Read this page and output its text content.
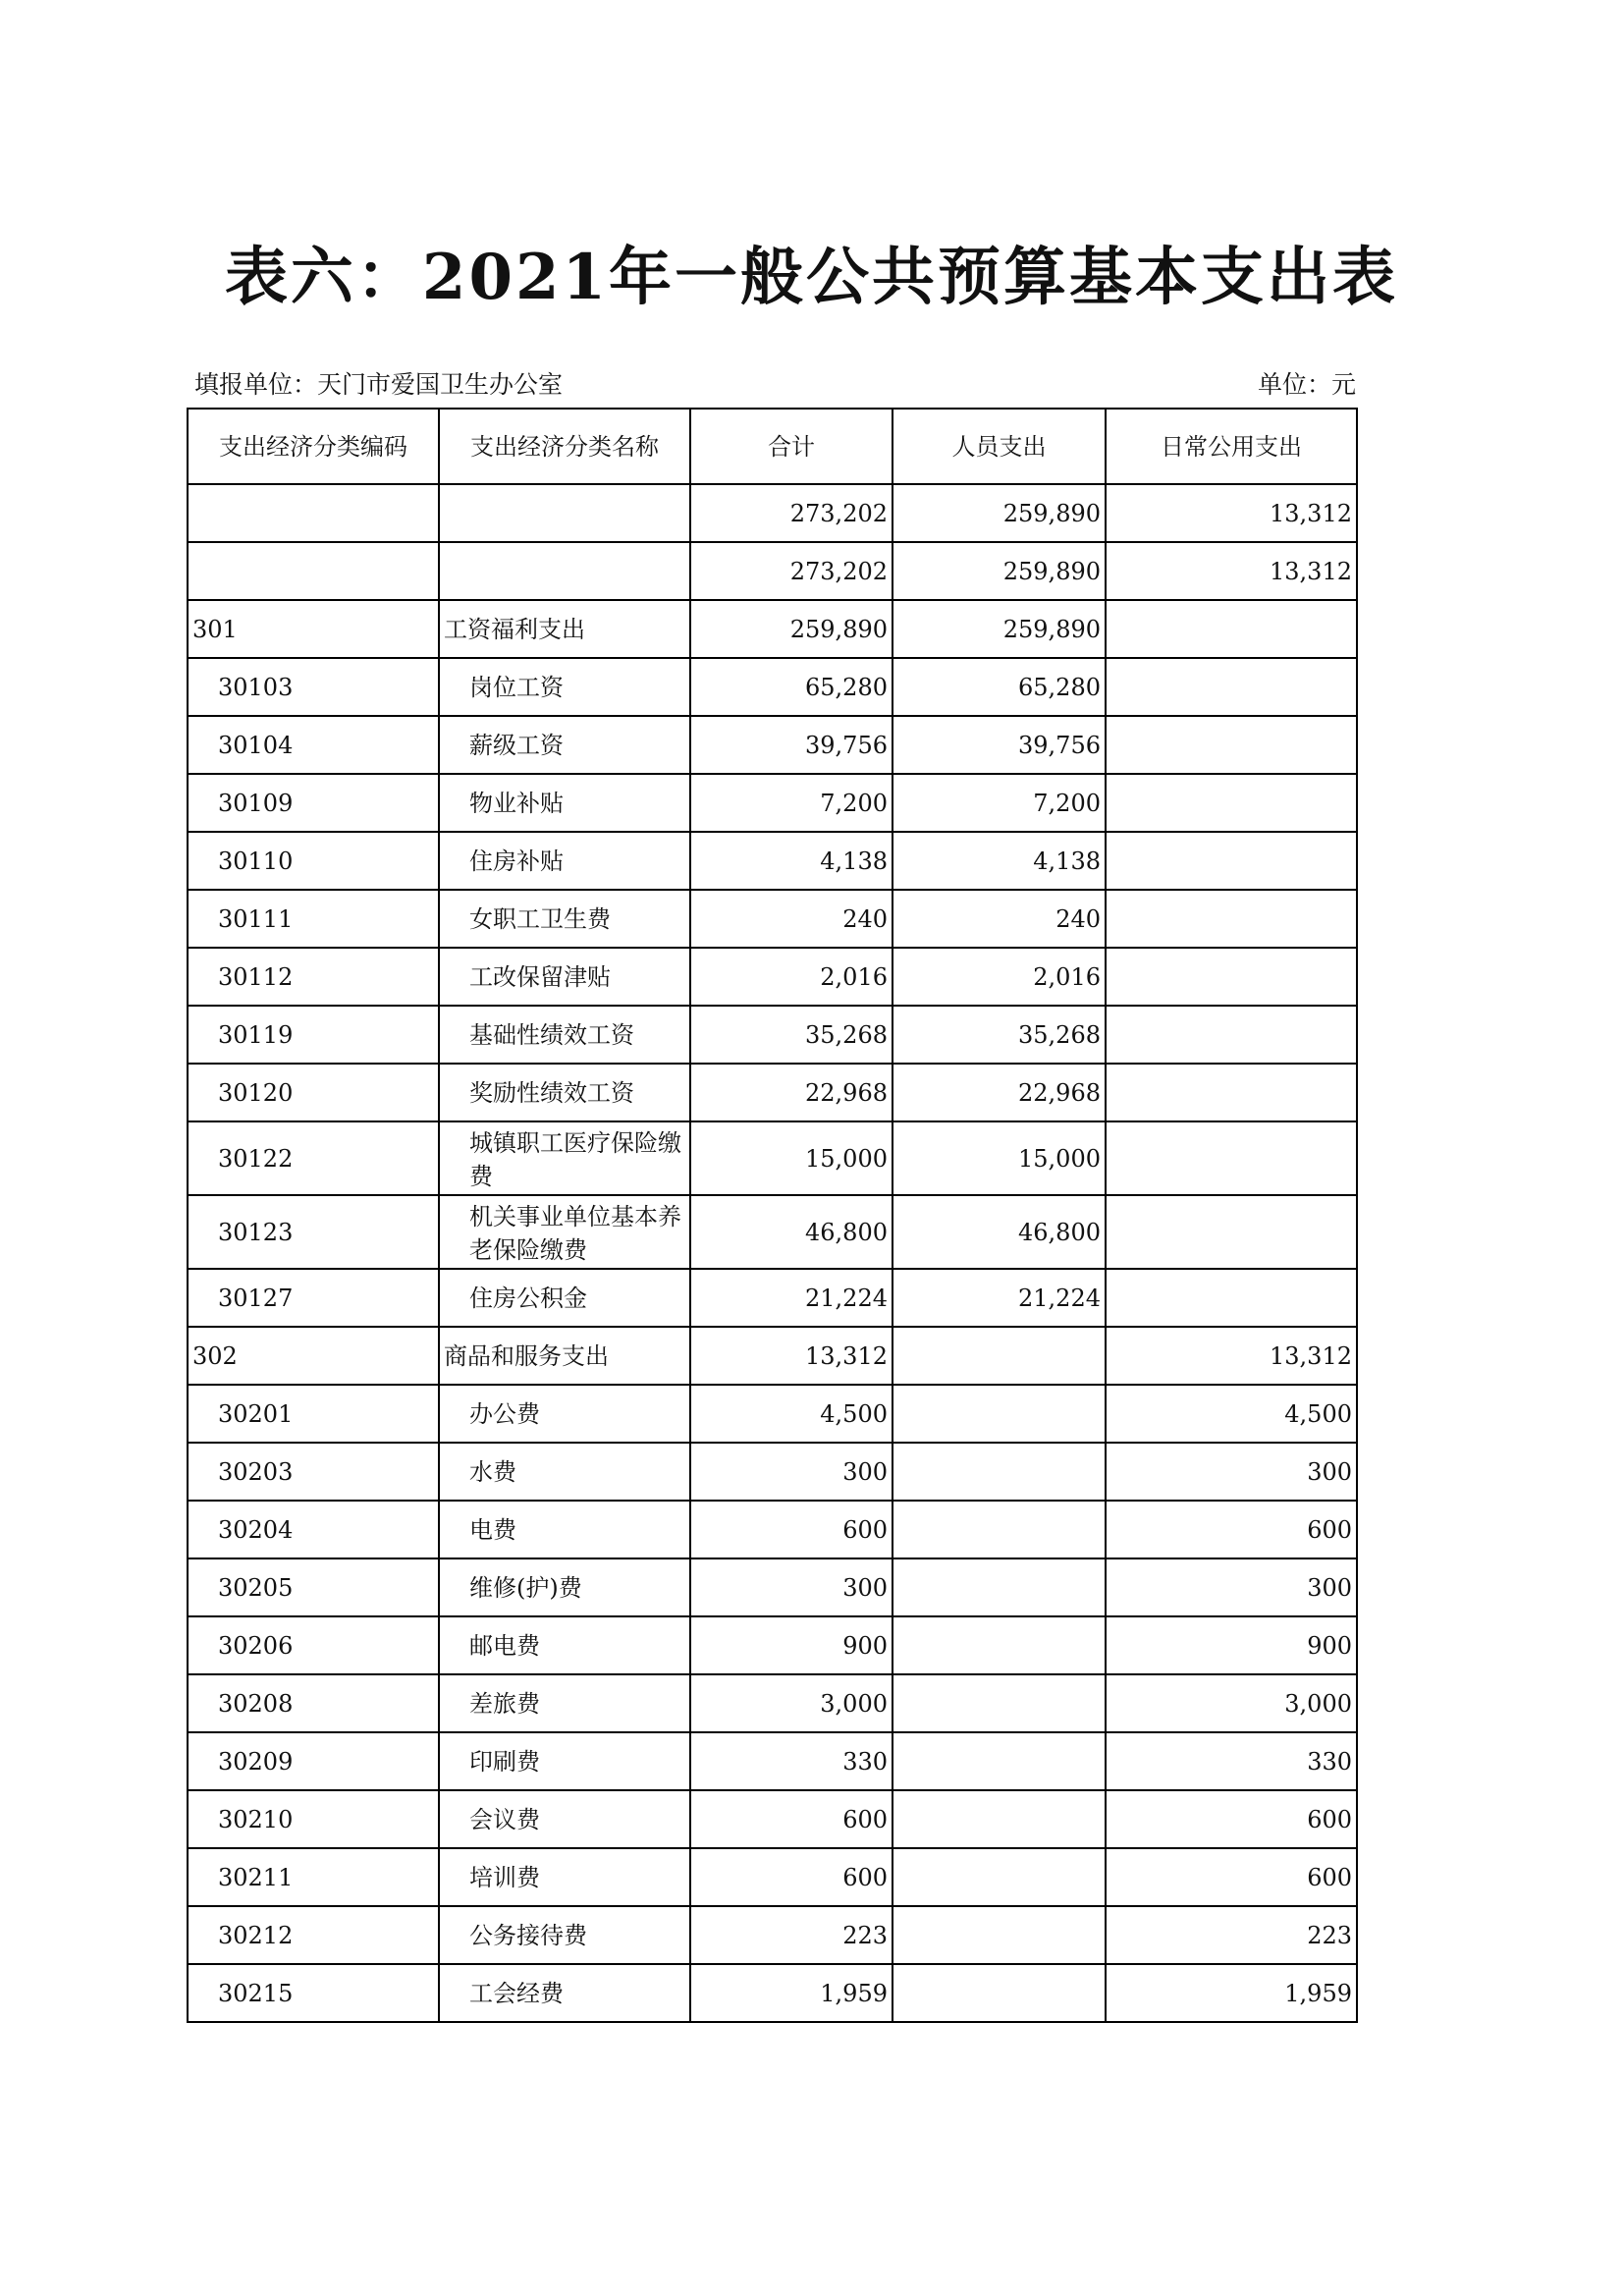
表六：2021年一般公共预算基本支出表
填报单位：天门市爱国卫生办公室	单位：元
支出经济分类编码	支出经济分类名称	合计	人员支出	日常公用支出
		273,202	259,890	13,312
		273,202	259,890	13,312
301	工资福利支出	259,890	259,890	
30103	岗位工资	65,280	65,280	
30104	薪级工资	39,756	39,756	
30109	物业补贴	7,200	7,200	
30110	住房补贴	4,138	4,138	
30111	女职工卫生费	240	240	
30112	工改保留津贴	2,016	2,016	
30119	基础性绩效工资	35,268	35,268	
30120	奖励性绩效工资	22,968	22,968	
30122	城镇职工医疗保险缴费	15,000	15,000	
30123	机关事业单位基本养老保险缴费	46,800	46,800	
30127	住房公积金	21,224	21,224	
302	商品和服务支出	13,312		13,312
30201	办公费	4,500		4,500
30203	水费	300		300
30204	电费	600		600
30205	维修(护)费	300		300
30206	邮电费	900		900
30208	差旅费	3,000		3,000
30209	印刷费	330		330
30210	会议费	600		600
30211	培训费	600		600
30212	公务接待费	223		223
30215	工会经费	1,959		1,959
